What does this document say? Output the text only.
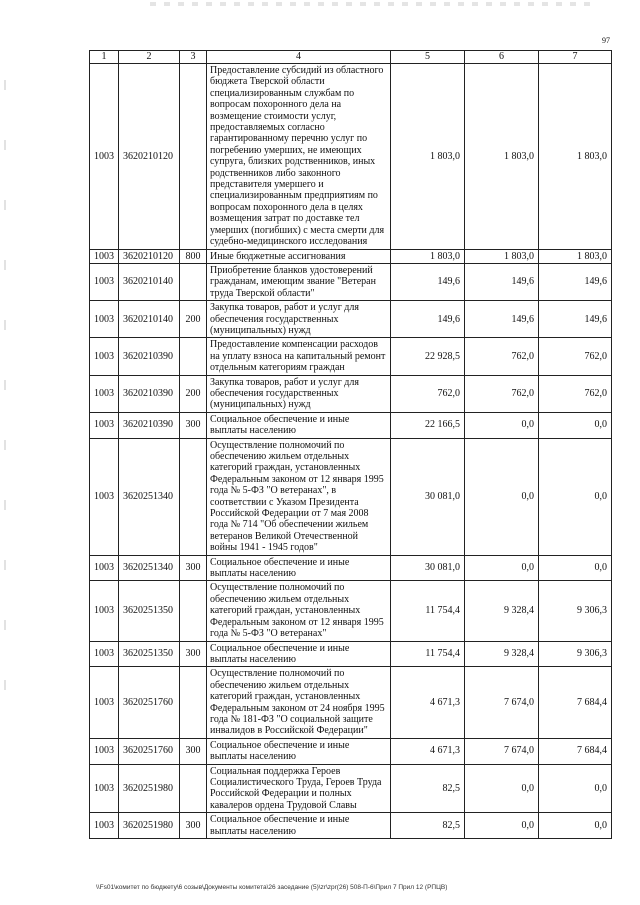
97
1	2	3	4	5	6	7
1003	3620210120		Предоставление субсидий из областного бюджета Тверской области специализированным службам по вопросам похоронного дела на возмещение стоимости услуг, предоставляемых согласно гарантированному перечню услуг по погребению умерших, не имеющих супруга, близких родственников, иных родственников либо законного представителя умершего и специализированным предприятиям по вопросам похоронного дела в целях возмещения затрат по доставке тел умерших (погибших) с места смерти для судебно-медицинского исследования	1 803,0	1 803,0	1 803,0
1003	3620210120	800	Иные бюджетные ассигнования	1 803,0	1 803,0	1 803,0
1003	3620210140		Приобретение бланков удостоверений гражданам, имеющим звание "Ветеран труда Тверской области"	149,6	149,6	149,6
1003	3620210140	200	Закупка товаров, работ и услуг для обеспечения государственных (муниципальных) нужд	149,6	149,6	149,6
1003	3620210390		Предоставление компенсации расходов на уплату взноса на капитальный ремонт отдельным категориям граждан	22 928,5	762,0	762,0
1003	3620210390	200	Закупка товаров, работ и услуг для обеспечения государственных (муниципальных) нужд	762,0	762,0	762,0
1003	3620210390	300	Социальное обеспечение и иные выплаты населению	22 166,5	0,0	0,0
1003	3620251340		Осуществление полномочий по обеспечению жильем отдельных категорий граждан, установленных Федеральным законом от 12 января 1995 года № 5-ФЗ "О ветеранах", в соответствии с Указом Президента Российской Федерации от 7 мая 2008 года № 714 "Об обеспечении жильем ветеранов Великой Отечественной войны 1941 - 1945 годов"	30 081,0	0,0	0,0
1003	3620251340	300	Социальное обеспечение и иные выплаты населению	30 081,0	0,0	0,0
1003	3620251350		Осуществление полномочий по обеспечению жильем отдельных категорий граждан, установленных Федеральным законом от 12 января 1995 года № 5-ФЗ "О ветеранах"	11 754,4	9 328,4	9 306,3
1003	3620251350	300	Социальное обеспечение и иные выплаты населению	11 754,4	9 328,4	9 306,3
1003	3620251760		Осуществление полномочий по обеспечению жильем отдельных категорий граждан, установленных Федеральным законом от 24 ноября 1995 года № 181-ФЗ "О социальной защите инвалидов в Российской Федерации"	4 671,3	7 674,0	7 684,4
1003	3620251760	300	Социальное обеспечение и иные выплаты населению	4 671,3	7 674,0	7 684,4
1003	3620251980		Социальная поддержка Героев Социалистического Труда, Героев Труда Российской Федерации и полных кавалеров ордена Трудовой Славы	82,5	0,0	0,0
1003	3620251980	300	Социальное обеспечение и иные выплаты населению	82,5	0,0	0,0
\\Fs01\комитет по бюджету\6 созыв\Документы комитета\26 заседание (5)\zr\zpr(26) 508-П-6\Прил 7 Прил 12 (РПЦВ)
